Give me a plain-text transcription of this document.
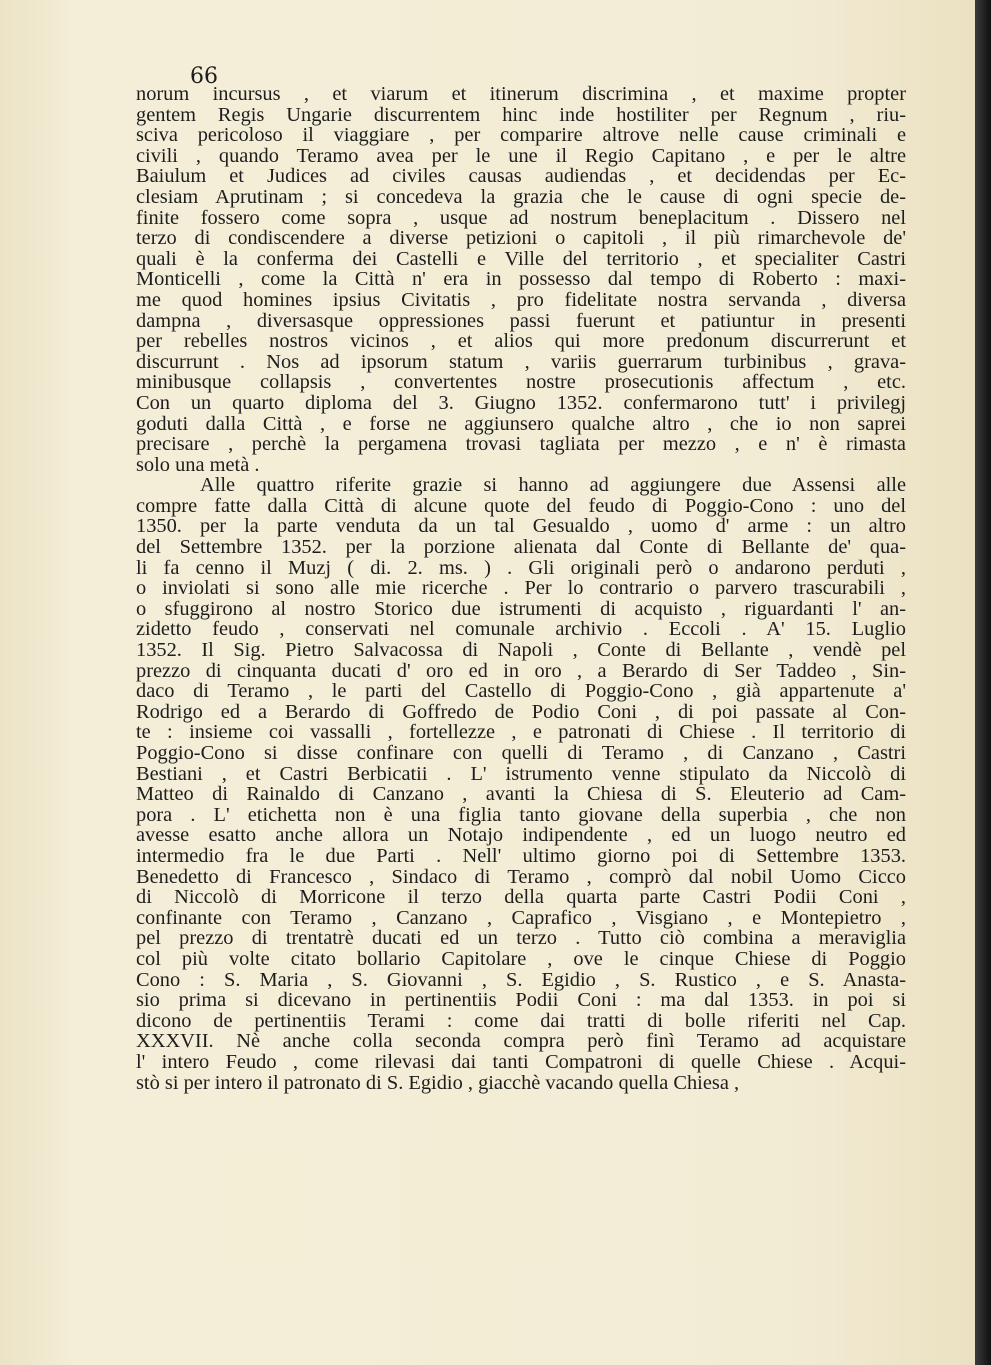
66
norum incursus , et viarum et itinerum discrimina , et maxime propter
gentem Regis Ungarie discurrentem hinc inde hostiliter per Regnum , riu-
sciva pericoloso il viaggiare , per comparire altrove nelle cause criminali e
civili , quando Teramo avea per le une il Regio Capitano , e per le altre
Baiulum et Judices ad civiles causas audiendas , et decidendas per Ec-
clesiam Aprutinam ; si concedeva la grazia che le cause di ogni specie de-
finite fossero come sopra , usque ad nostrum beneplacitum . Dissero nel
terzo di condiscendere a diverse petizioni o capitoli , il più rimarchevole de'
quali è la conferma dei Castelli e Ville del territorio , et specialiter Castri
Monticelli , come la Città n' era in possesso dal tempo di Roberto : maxi-
me quod homines ipsius Civitatis , pro fidelitate nostra servanda , diversa
dampna , diversasque oppressiones passi fuerunt et patiuntur in presenti
per rebelles nostros vicinos , et alios qui more predonum discurrerunt et
discurrunt . Nos ad ipsorum statum , variis guerrarum turbinibus , grava-
minibusque collapsis , convertentes nostre prosecutionis affectum , etc.
Con un quarto diploma del 3. Giugno 1352. confermarono tutt' i privilegj
goduti dalla Città , e forse ne aggiunsero qualche altro , che io non saprei
precisare , perchè la pergamena trovasi tagliata per mezzo , e n' è rimasta
solo una metà .
Alle quattro riferite grazie si hanno ad aggiungere due Assensi alle
compre fatte dalla Città di alcune quote del feudo di Poggio-Cono : uno del
1350. per la parte venduta da un tal Gesualdo , uomo d' arme : un altro
del Settembre 1352. per la porzione alienata dal Conte di Bellante de' qua-
li fa cenno il Muzj ( di. 2. ms. ) . Gli originali però o andarono perduti ,
o inviolati si sono alle mie ricerche . Per lo contrario o parvero trascurabili ,
o sfuggirono al nostro Storico due istrumenti di acquisto , riguardanti l' an-
zidetto feudo , conservati nel comunale archivio . Eccoli . A' 15. Luglio
1352. Il Sig. Pietro Salvacossa di Napoli , Conte di Bellante , vendè pel
prezzo di cinquanta ducati d' oro ed in oro , a Berardo di Ser Taddeo , Sin-
daco di Teramo , le parti del Castello di Poggio-Cono , già appartenute a'
Rodrigo ed a Berardo di Goffredo de Podio Coni , di poi passate al Con-
te : insieme coi vassalli , fortellezze , e patronati di Chiese . Il territorio di
Poggio-Cono si disse confinare con quelli di Teramo , di Canzano , Castri
Bestiani , et Castri Berbicatii . L' istrumento venne stipulato da Niccolò di
Matteo di Rainaldo di Canzano , avanti la Chiesa di S. Eleuterio ad Cam-
pora . L' etichetta non è una figlia tanto giovane della superbia , che non
avesse esatto anche allora un Notajo indipendente , ed un luogo neutro ed
intermedio fra le due Parti . Nell' ultimo giorno poi di Settembre 1353.
Benedetto di Francesco , Sindaco di Teramo , comprò dal nobil Uomo Cicco
di Niccolò di Morricone il terzo della quarta parte Castri Podii Coni ,
confinante con Teramo , Canzano , Caprafico , Visgiano , e Montepietro ,
pel prezzo di trentatrè ducati ed un terzo . Tutto ciò combina a meraviglia
col più volte citato bollario Capitolare , ove le cinque Chiese di Poggio
Cono : S. Maria , S. Giovanni , S. Egidio , S. Rustico , e S. Anasta-
sio prima si dicevano in pertinentiis Podii Coni : ma dal 1353. in poi si
dicono de pertinentiis Terami : come dai tratti di bolle riferiti nel Cap.
XXXVII. Nè anche colla seconda compra però finì Teramo ad acquistare
l' intero Feudo , come rilevasi dai tanti Compatroni di quelle Chiese . Acqui-
stò si per intero il patronato di S. Egidio , giacchè vacando quella Chiesa ,
